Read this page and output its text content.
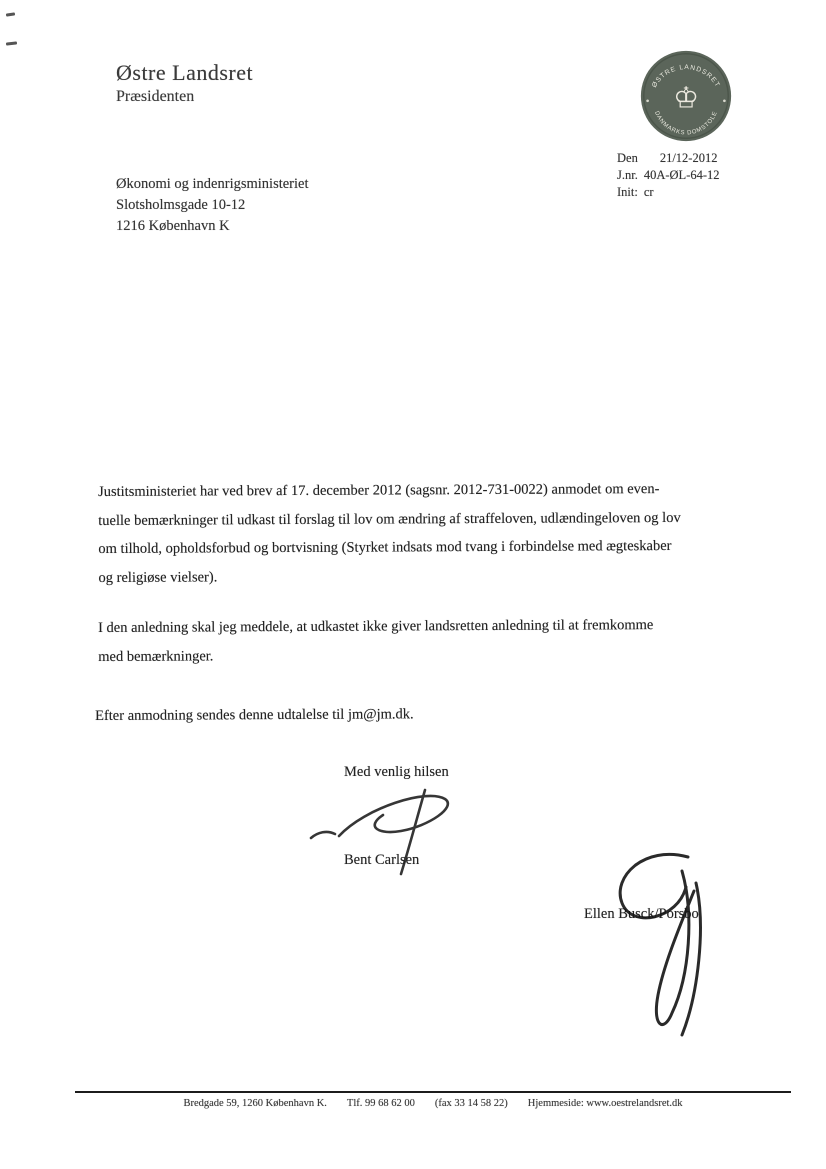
Østre Landsret
Præsidenten
ØSTRE LANDSRET
DANMARKS DOMSTOLE
♔
Den 21/12-2012
J.nr. 40A-ØL-64-12
Init: cr
Økonomi og indenrigsministeriet
Slotsholmsgade 10-12
1216 København K
Justitsministeriet har ved brev af 17. december 2012 (sagsnr. 2012-731-0022) anmodet om even-
tuelle bemærkninger til udkast til forslag til lov om ændring af straffeloven, udlændingeloven og lov
om tilhold, opholdsforbud og bortvisning (Styrket indsats mod tvang i forbindelse med ægteskaber
og religiøse vielser).
I den anledning skal jeg meddele, at udkastet ikke giver landsretten anledning til at fremkomme
med bemærkninger.
Efter anmodning sendes denne udtalelse til jm@jm.dk.
Med venlig hilsen
Bent Carlsen
Ellen Busck/Porsbo
Bredgade 59, 1260 København K. Tlf. 99 68 62 00 (fax 33 14 58 22) Hjemmeside: www.oestrelandsret.dk
